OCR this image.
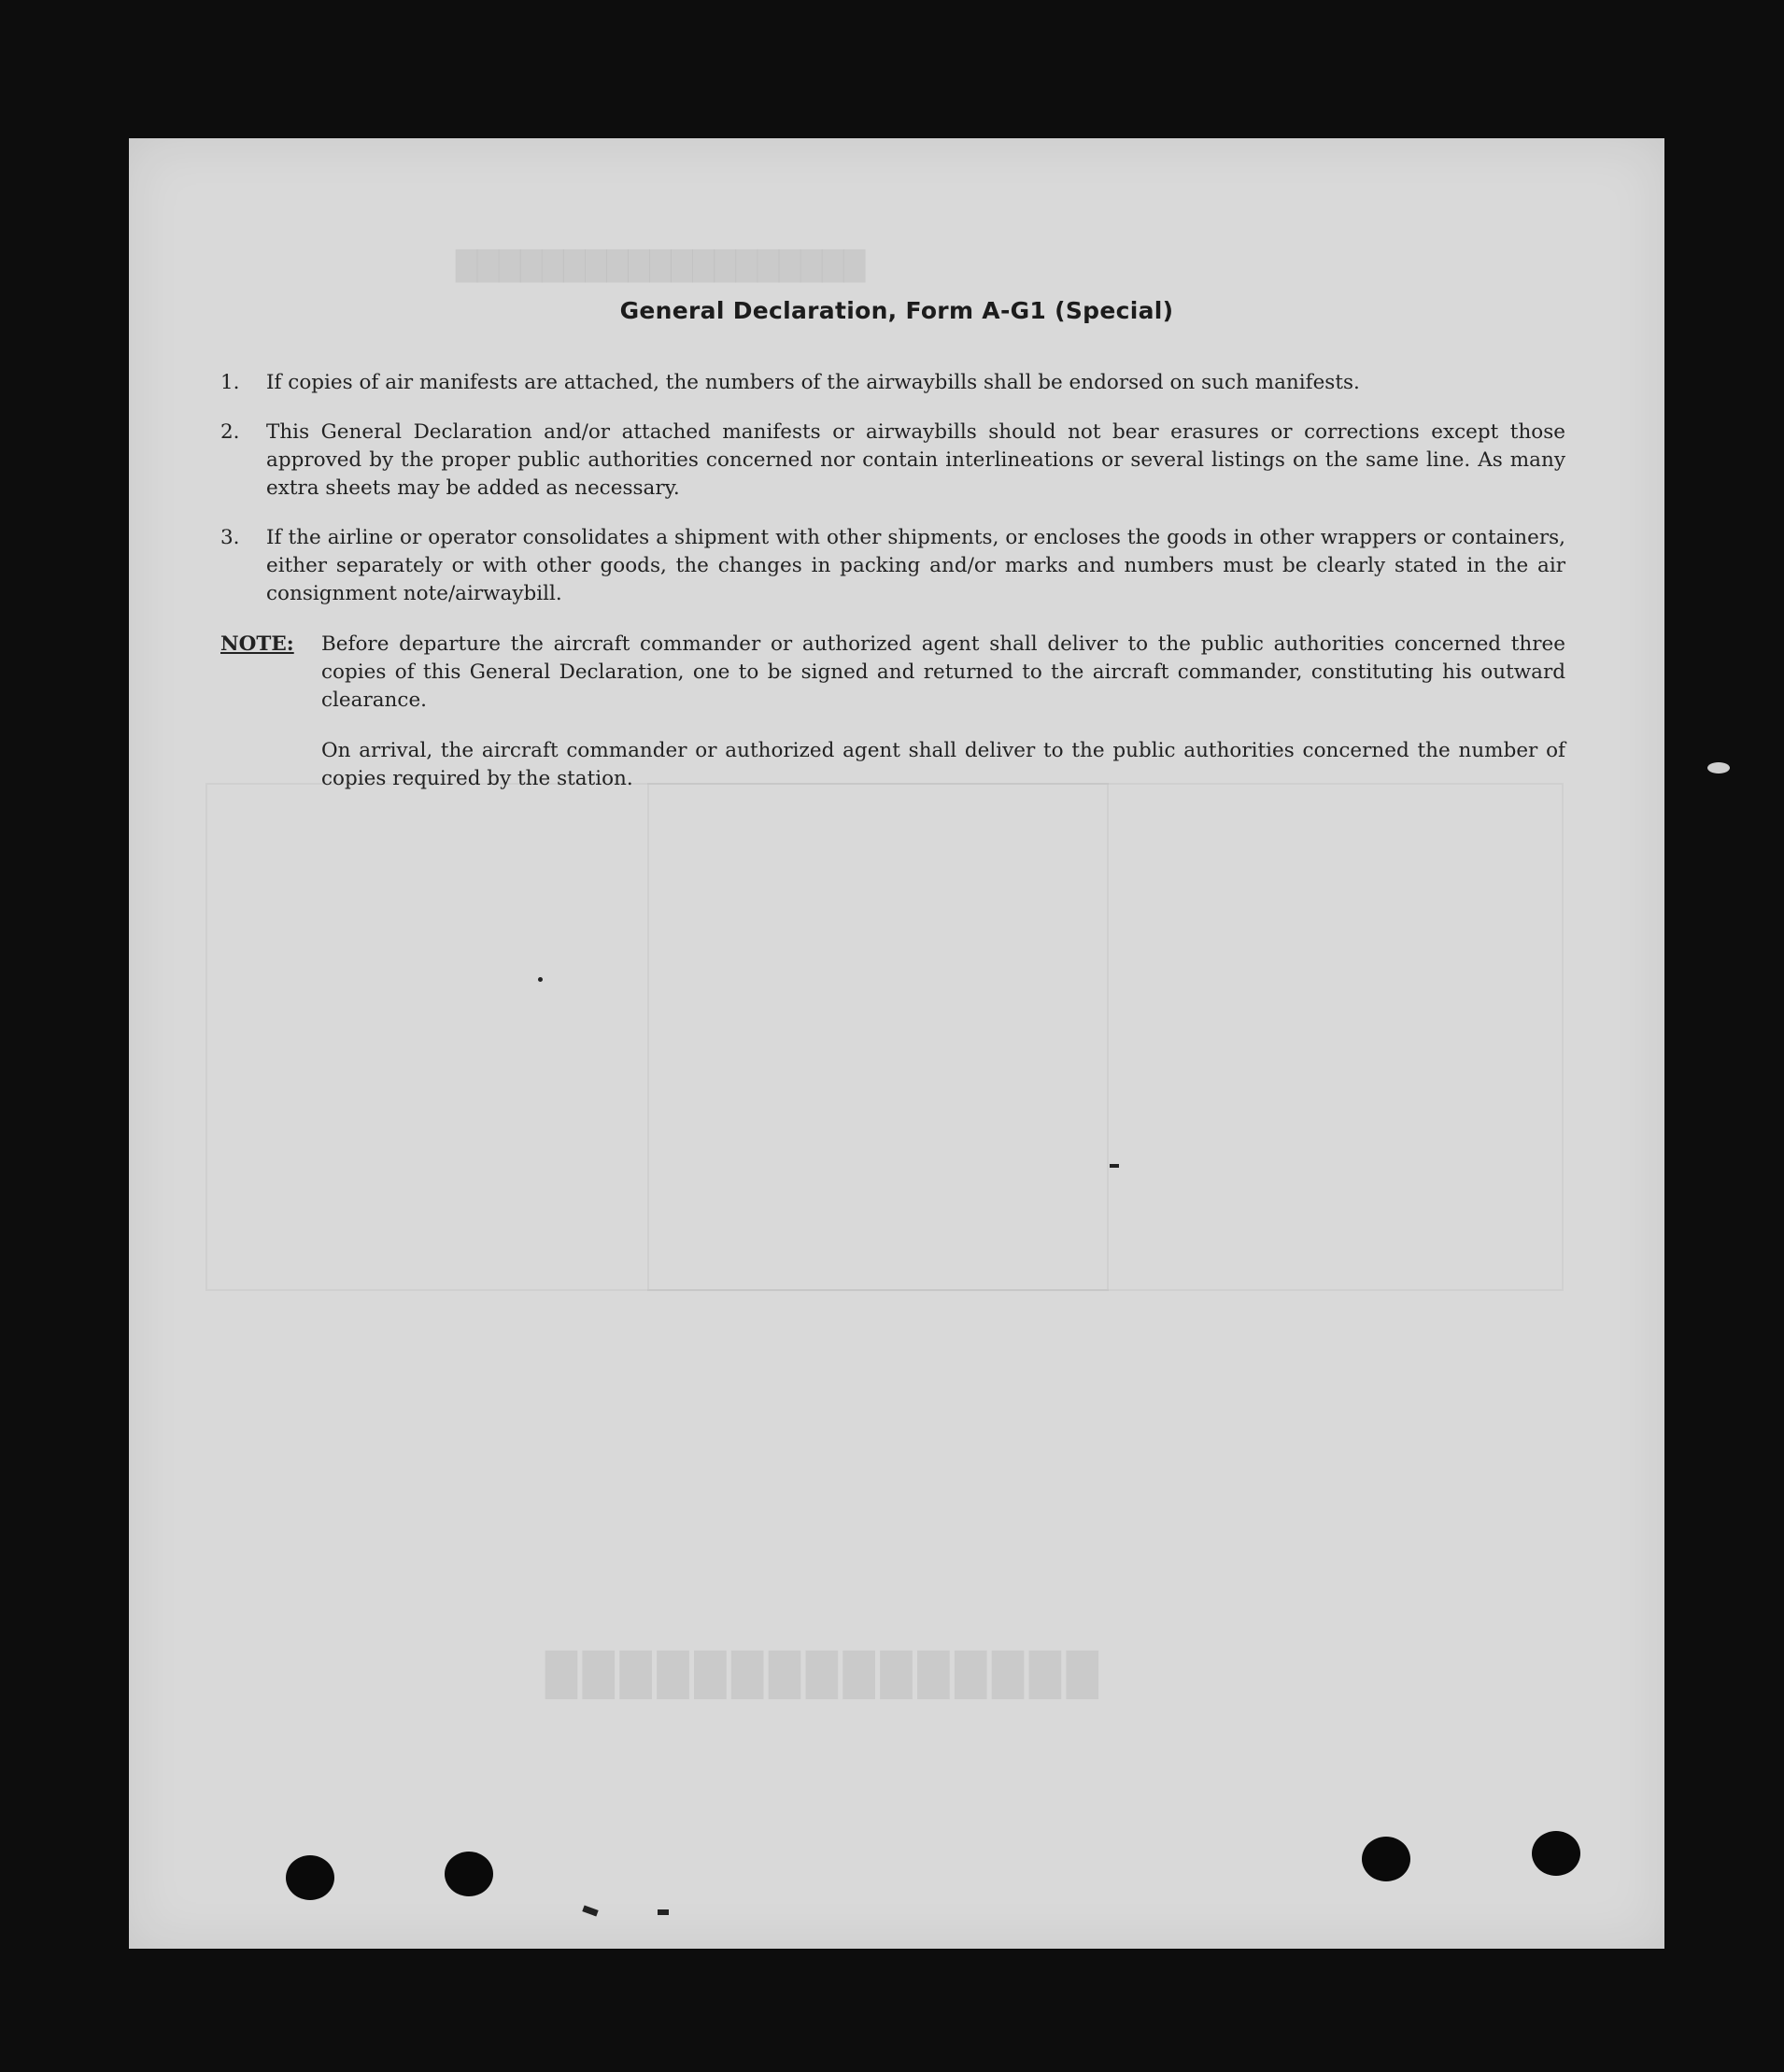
███████████████████
███████████████
General Declaration, Form A-G1 (Special)
1.	If copies of air manifests are attached, the numbers of the airwaybills shall be endorsed on such manifests.
2.	This General Declaration and/or attached manifests or airwaybills should not bear erasures or corrections except those approved by the proper public authorities concerned nor contain interlineations or several listings on the same line. As many extra sheets may be added as necessary.
3.	If the airline or operator consolidates a shipment with other shipments, or encloses the goods in other wrappers or containers, either separately or with other goods, the changes in packing and/or marks and numbers must be clearly stated in the air consignment note/airwaybill.
NOTE: Before departure the aircraft commander or authorized agent shall deliver to the public authorities concerned three copies of this General Declaration, one to be signed and returned to the aircraft commander, constituting his outward clearance.
On arrival, the aircraft commander or authorized agent shall deliver to the public authorities concerned the number of copies required by the station.
